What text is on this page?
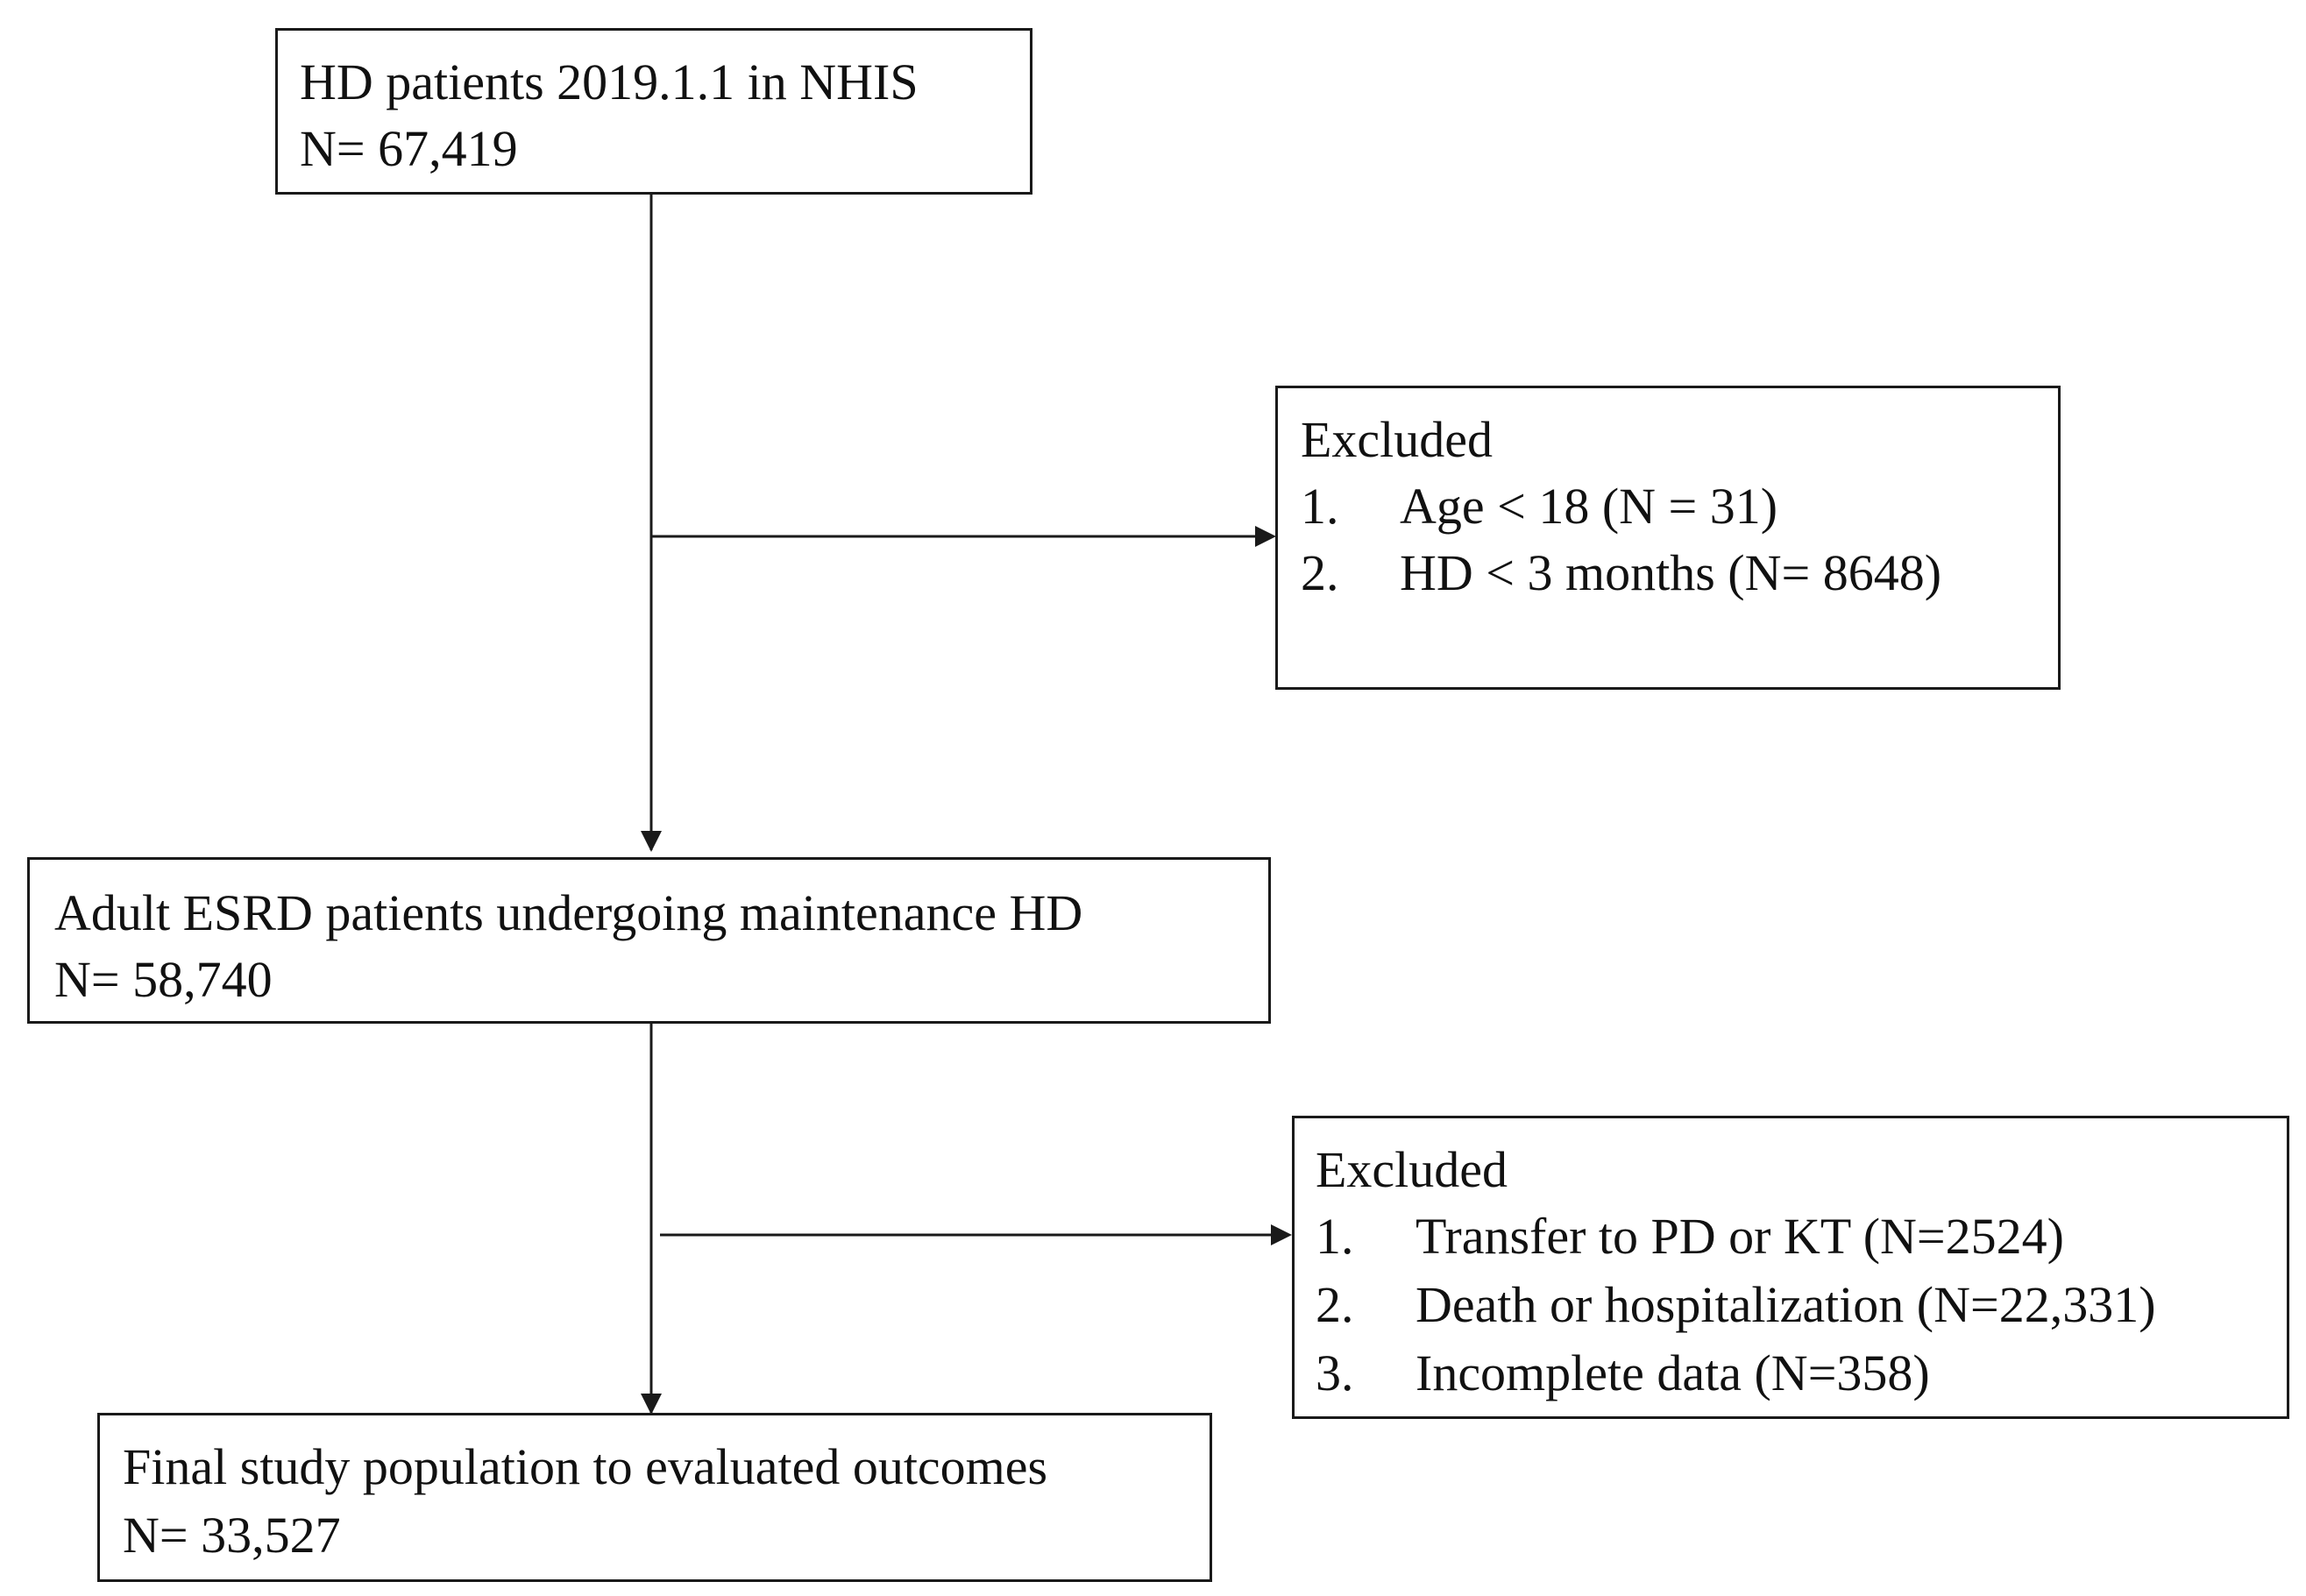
HD patients 2019.1.1 in NHIS
N= 67,419
Excluded
1. Age < 18 (N = 31)
2. HD < 3 months (N= 8648)
Adult ESRD patients undergoing maintenance HD
N= 58,740
Excluded
1. Transfer to PD or KT (N=2524)
2. Death or hospitalization (N=22,331)
3. Incomplete data (N=358)
Final study population to evaluated outcomes
N= 33,527
